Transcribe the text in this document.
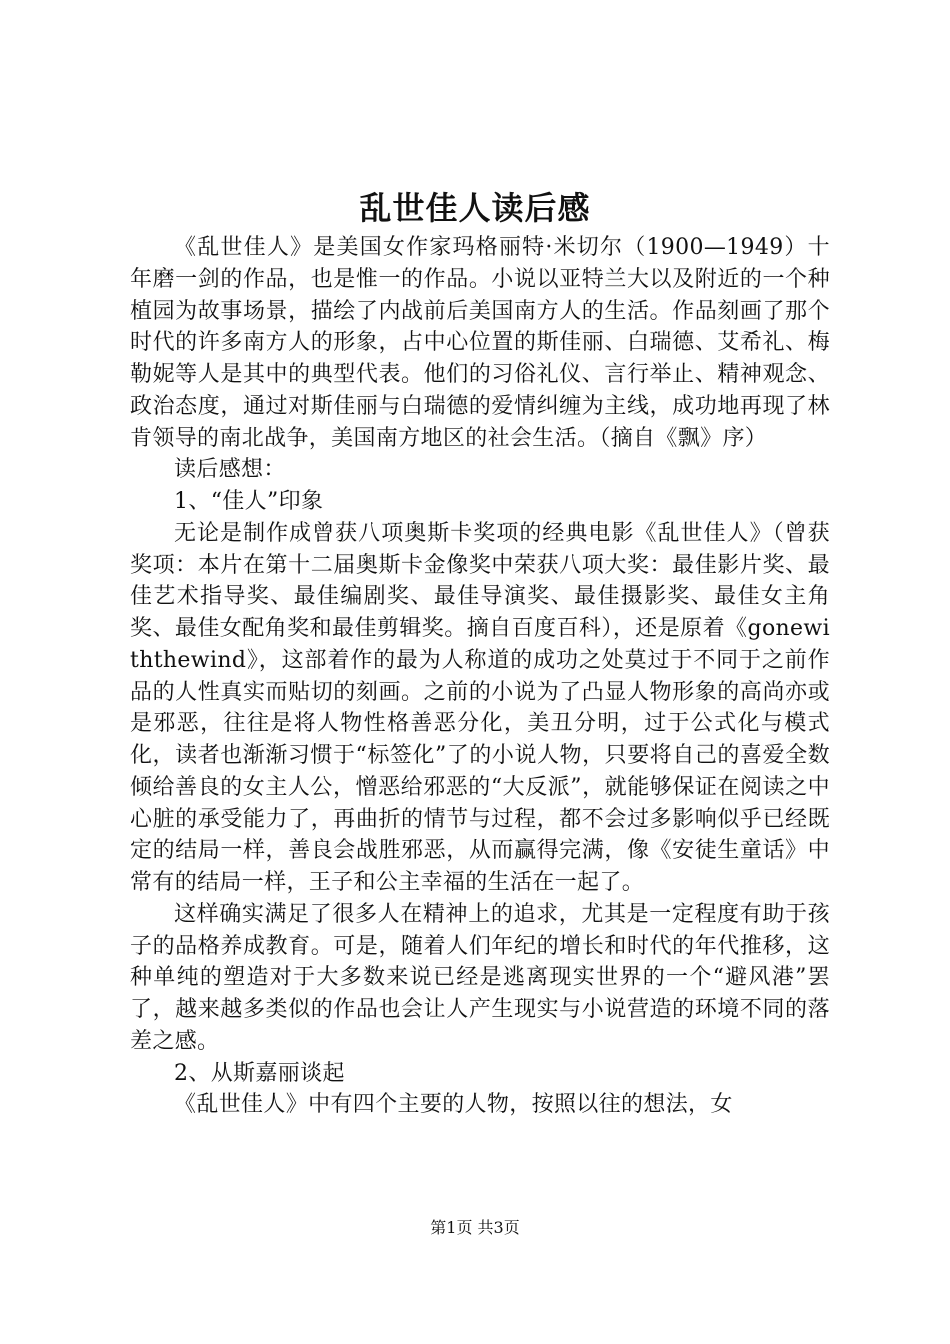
乱世佳人读后感

《乱世佳人》是美国女作家玛格丽特·米切尔（1900—1949）十年磨一剑的作品，也是惟一的作品。小说以亚特兰大以及附近的一个种植园为故事场景，描绘了内战前后美国南方人的生活。作品刻画了那个时代的许多南方人的形象，占中心位置的斯佳丽、白瑞德、艾希礼、梅勒妮等人是其中的典型代表。他们的习俗礼仪、言行举止、精神观念、政治态度，通过对斯佳丽与白瑞德的爱情纠缠为主线，成功地再现了林肯领导的南北战争，美国南方地区的社会生活。（摘自《飘》序）

读后感想：

1、“佳人”印象

无论是制作成曾获八项奥斯卡奖项的经典电影《乱世佳人》（曾获奖项：本片在第十二届奥斯卡金像奖中荣获八项大奖：最佳影片奖、最佳艺术指导奖、最佳编剧奖、最佳导演奖、最佳摄影奖、最佳女主角奖、最佳女配角奖和最佳剪辑奖。摘自百度百科），还是原着《gonewiththewind》，这部着作的最为人称道的成功之处莫过于不同于之前作品的人性真实而贴切的刻画。之前的小说为了凸显人物形象的高尚亦或是邪恶，往往是将人物性格善恶分化，美丑分明，过于公式化与模式化，读者也渐渐习惯于“标签化”了的小说人物，只要将自己的喜爱全数倾给善良的女主人公，憎恶给邪恶的“大反派”，就能够保证在阅读之中心脏的承受能力了，再曲折的情节与过程，都不会过多影响似乎已经既定的结局一样，善良会战胜邪恶，从而赢得完满，像《安徒生童话》中常有的结局一样，王子和公主幸福的生活在一起了。

这样确实满足了很多人在精神上的追求，尤其是一定程度有助于孩子的品格养成教育。可是，随着人们年纪的增长和时代的年代推移，这种单纯的塑造对于大多数来说已经是逃离现实世界的一个“避风港”罢了，越来越多类似的作品也会让人产生现实与小说营造的环境不同的落差之感。

2、从斯嘉丽谈起

《乱世佳人》中有四个主要的人物，按照以往的想法，女

第1页 共3页
